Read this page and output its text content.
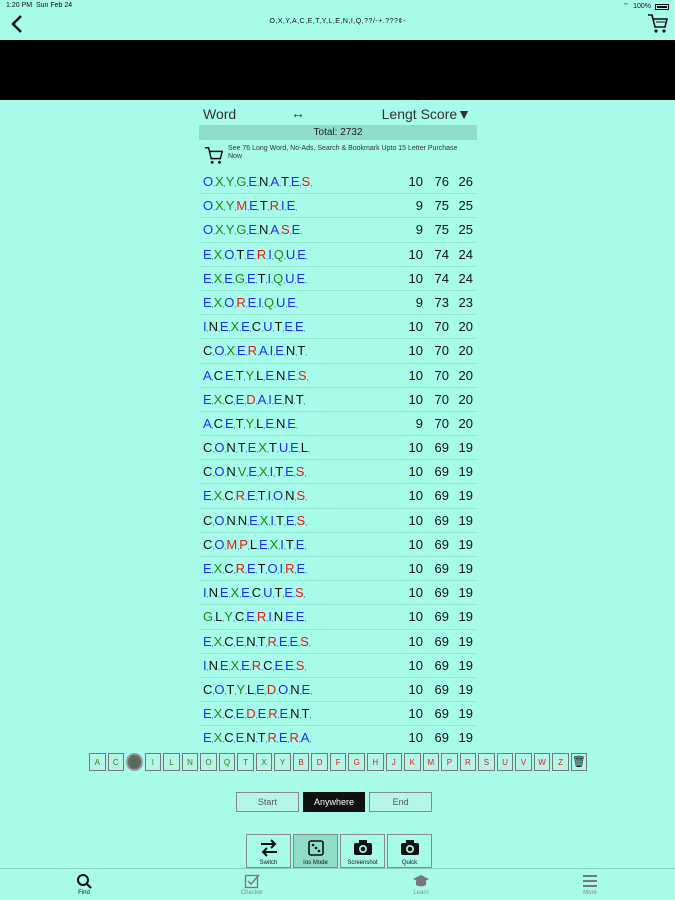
1:20 PM Sun Feb 24	⌔ 100%
O,X,Y,A,C,E,T,Y,L,E,N,I,Q,??/-+.???¢-
Word	↔	Lengt Score▼
Total: 2732
See 76 Long Word, No-Ads, Search & Bookmark Upto 15 Letter Purchase Now
O,X,Y,G,E,N,A,T,E,S,	10 76 26
O,X,Y,M,E,T,R,I,E,	9 75 25
O,X,Y,G,E,N,A,S,E,	9 75 25
E,X,O,T,E,R,I,Q,U,E,	10 74 24
E,X,E,G,E,T,I,Q,U,E,	10 74 24
E,X,O,R,E,I,Q,U,E,	9 73 23
I,N,E,X,E,C,U,T,E,E,	10 70 20
C,O,X,E,R,A,I,E,N,T,	10 70 20
A,C,E,T,Y,L,E,N,E,S,	10 70 20
E,X,C,E,D,A,I,E,N,T,	10 70 20
A,C,E,T,Y,L,E,N,E,	9 70 20
C,O,N,T,E,X,T,U,E,L,	10 69 19
C,O,N,V,E,X,I,T,E,S,	10 69 19
E,X,C,R,E,T,I,O,N,S,	10 69 19
C,O,N,N,E,X,I,T,E,S,	10 69 19
C,O,M,P,L,E,X,I,T,E,	10 69 19
E,X,C,R,E,T,O,I,R,E,	10 69 19
I,N,E,X,E,C,U,T,E,S,	10 69 19
G,L,Y,C,E,R,I,N,E,E,	10 69 19
E,X,C,E,N,T,R,E,E,S,	10 69 19
I,N,E,X,E,R,C,E,E,S,	10 69 19
C,O,T,Y,L,E,D,O,N,E,	10 69 19
E,X,C,E,D,E,R,E,N,T,	10 69 19
E,X,C,E,N,T,R,E,R,A,	10 69 19
A	C	E	I	L	N	O	Q	T	X	Y	B	D	F	G	H	J	K	M	P	R	S	U	V	W	Z 🗑
Start	Anywhere	End
Switch	Ios Mode	Screenshot	Quick
Find	Checker	Learn	More
